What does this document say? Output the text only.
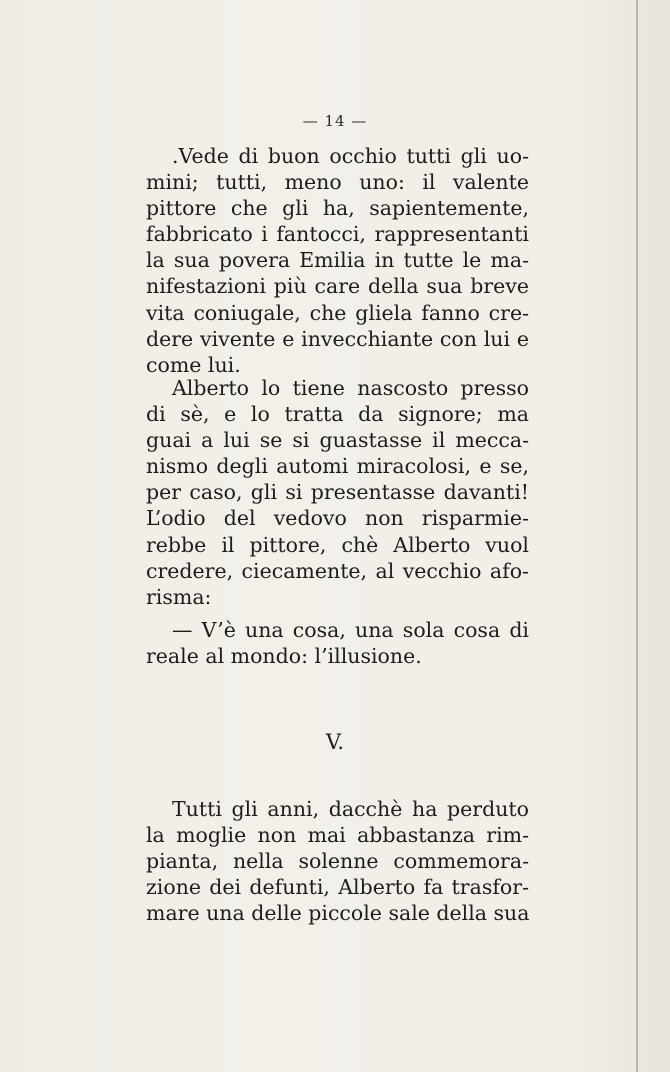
— 14 —
.Vede di buon occhio tutti gli uo-
mini; tutti, meno uno: il valente
pittore che gli ha, sapientemente,
fabbricato i fantocci, rappresentanti
la sua povera Emilia in tutte le ma-
nifestazioni più care della sua breve
vita coniugale, che gliela fanno cre-
dere vivente e invecchiante con lui e
come lui.
Alberto lo tiene nascosto presso
di sè, e lo tratta da signore; ma
guai a lui se si guastasse il mecca-
nismo degli automi miracolosi, e se,
per caso, gli si presentasse davanti!
L’odio del vedovo non risparmie-
rebbe il pittore, chè Alberto vuol
credere, ciecamente, al vecchio afo-
risma:
— V’è una cosa, una sola cosa di
reale al mondo: l’illusione.
V.
Tutti gli anni, dacchè ha perduto
la moglie non mai abbastanza rim-
pianta, nella solenne commemora-
zione dei defunti, Alberto fa trasfor-
mare una delle piccole sale della sua
